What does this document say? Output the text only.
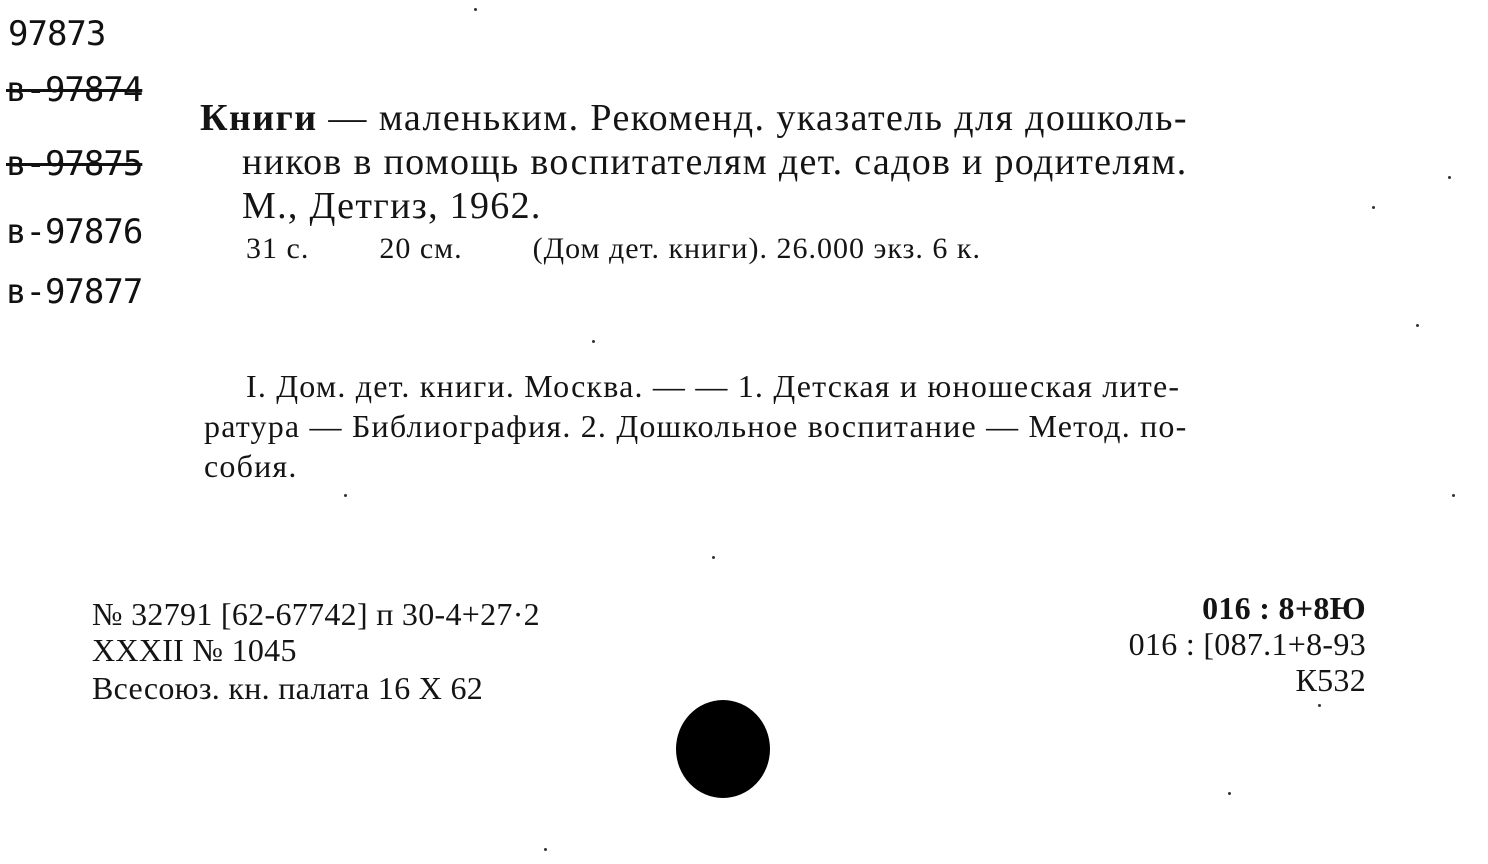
97873
в-97874
в-97875
в-97876
в-97877
Книги — маленьким. Рекоменд. указатель для дошколь-
ников в помощь воспитателям дет. садов и родителям.
М., Детгиз, 1962.
31 с. 20 см. (Дом дет. книги). 26.000 экз. 6 к.
I. Дом. дет. книги. Москва. — — 1. Детская и юношеская лите-
ратура — Библиография. 2. Дошкольное воспитание — Метод. по-
собия.
№ 32791 [62-67742] п 30-4+27·2
XXXII № 1045
Всесоюз. кн. палата 16 X 62
016 : 8+8Ю
016 : [087.1+8-93
К532
